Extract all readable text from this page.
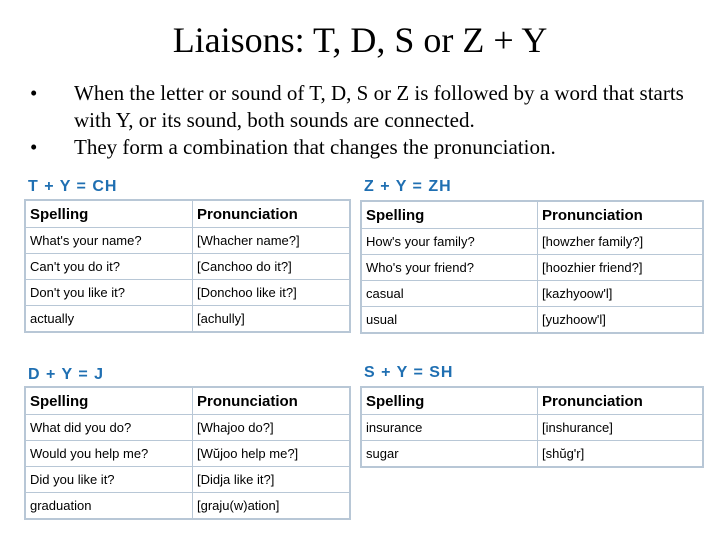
Liaisons: T, D, S or Z + Y
• When the letter or sound of T, D, S or Z is followed by a word that starts with Y, or its sound, both sounds are connected.
• They form a combination that changes the pronunciation.
T + Y = CH
Spelling	Pronunciation
What's your name?	[Whacher name?]
Can't you do it?	[Canchoo do it?]
Don't you like it?	[Donchoo like it?]
actually	[achully]
Z + Y = ZH
Spelling	Pronunciation
How's your family?	[howzher family?]
Who's your friend?	[hoozhier friend?]
casual	[kazhyoow'l]
usual	[yuzhoow'l]
D + Y = J
Spelling	Pronunciation
What did you do?	[Whajoo do?]
Would you help me?	[Wŭjoo help me?]
Did you like it?	[Didja like it?]
graduation	[graju(w)ation]
S + Y = SH
Spelling	Pronunciation
insurance	[inshurance]
sugar	[shŭg'r]
